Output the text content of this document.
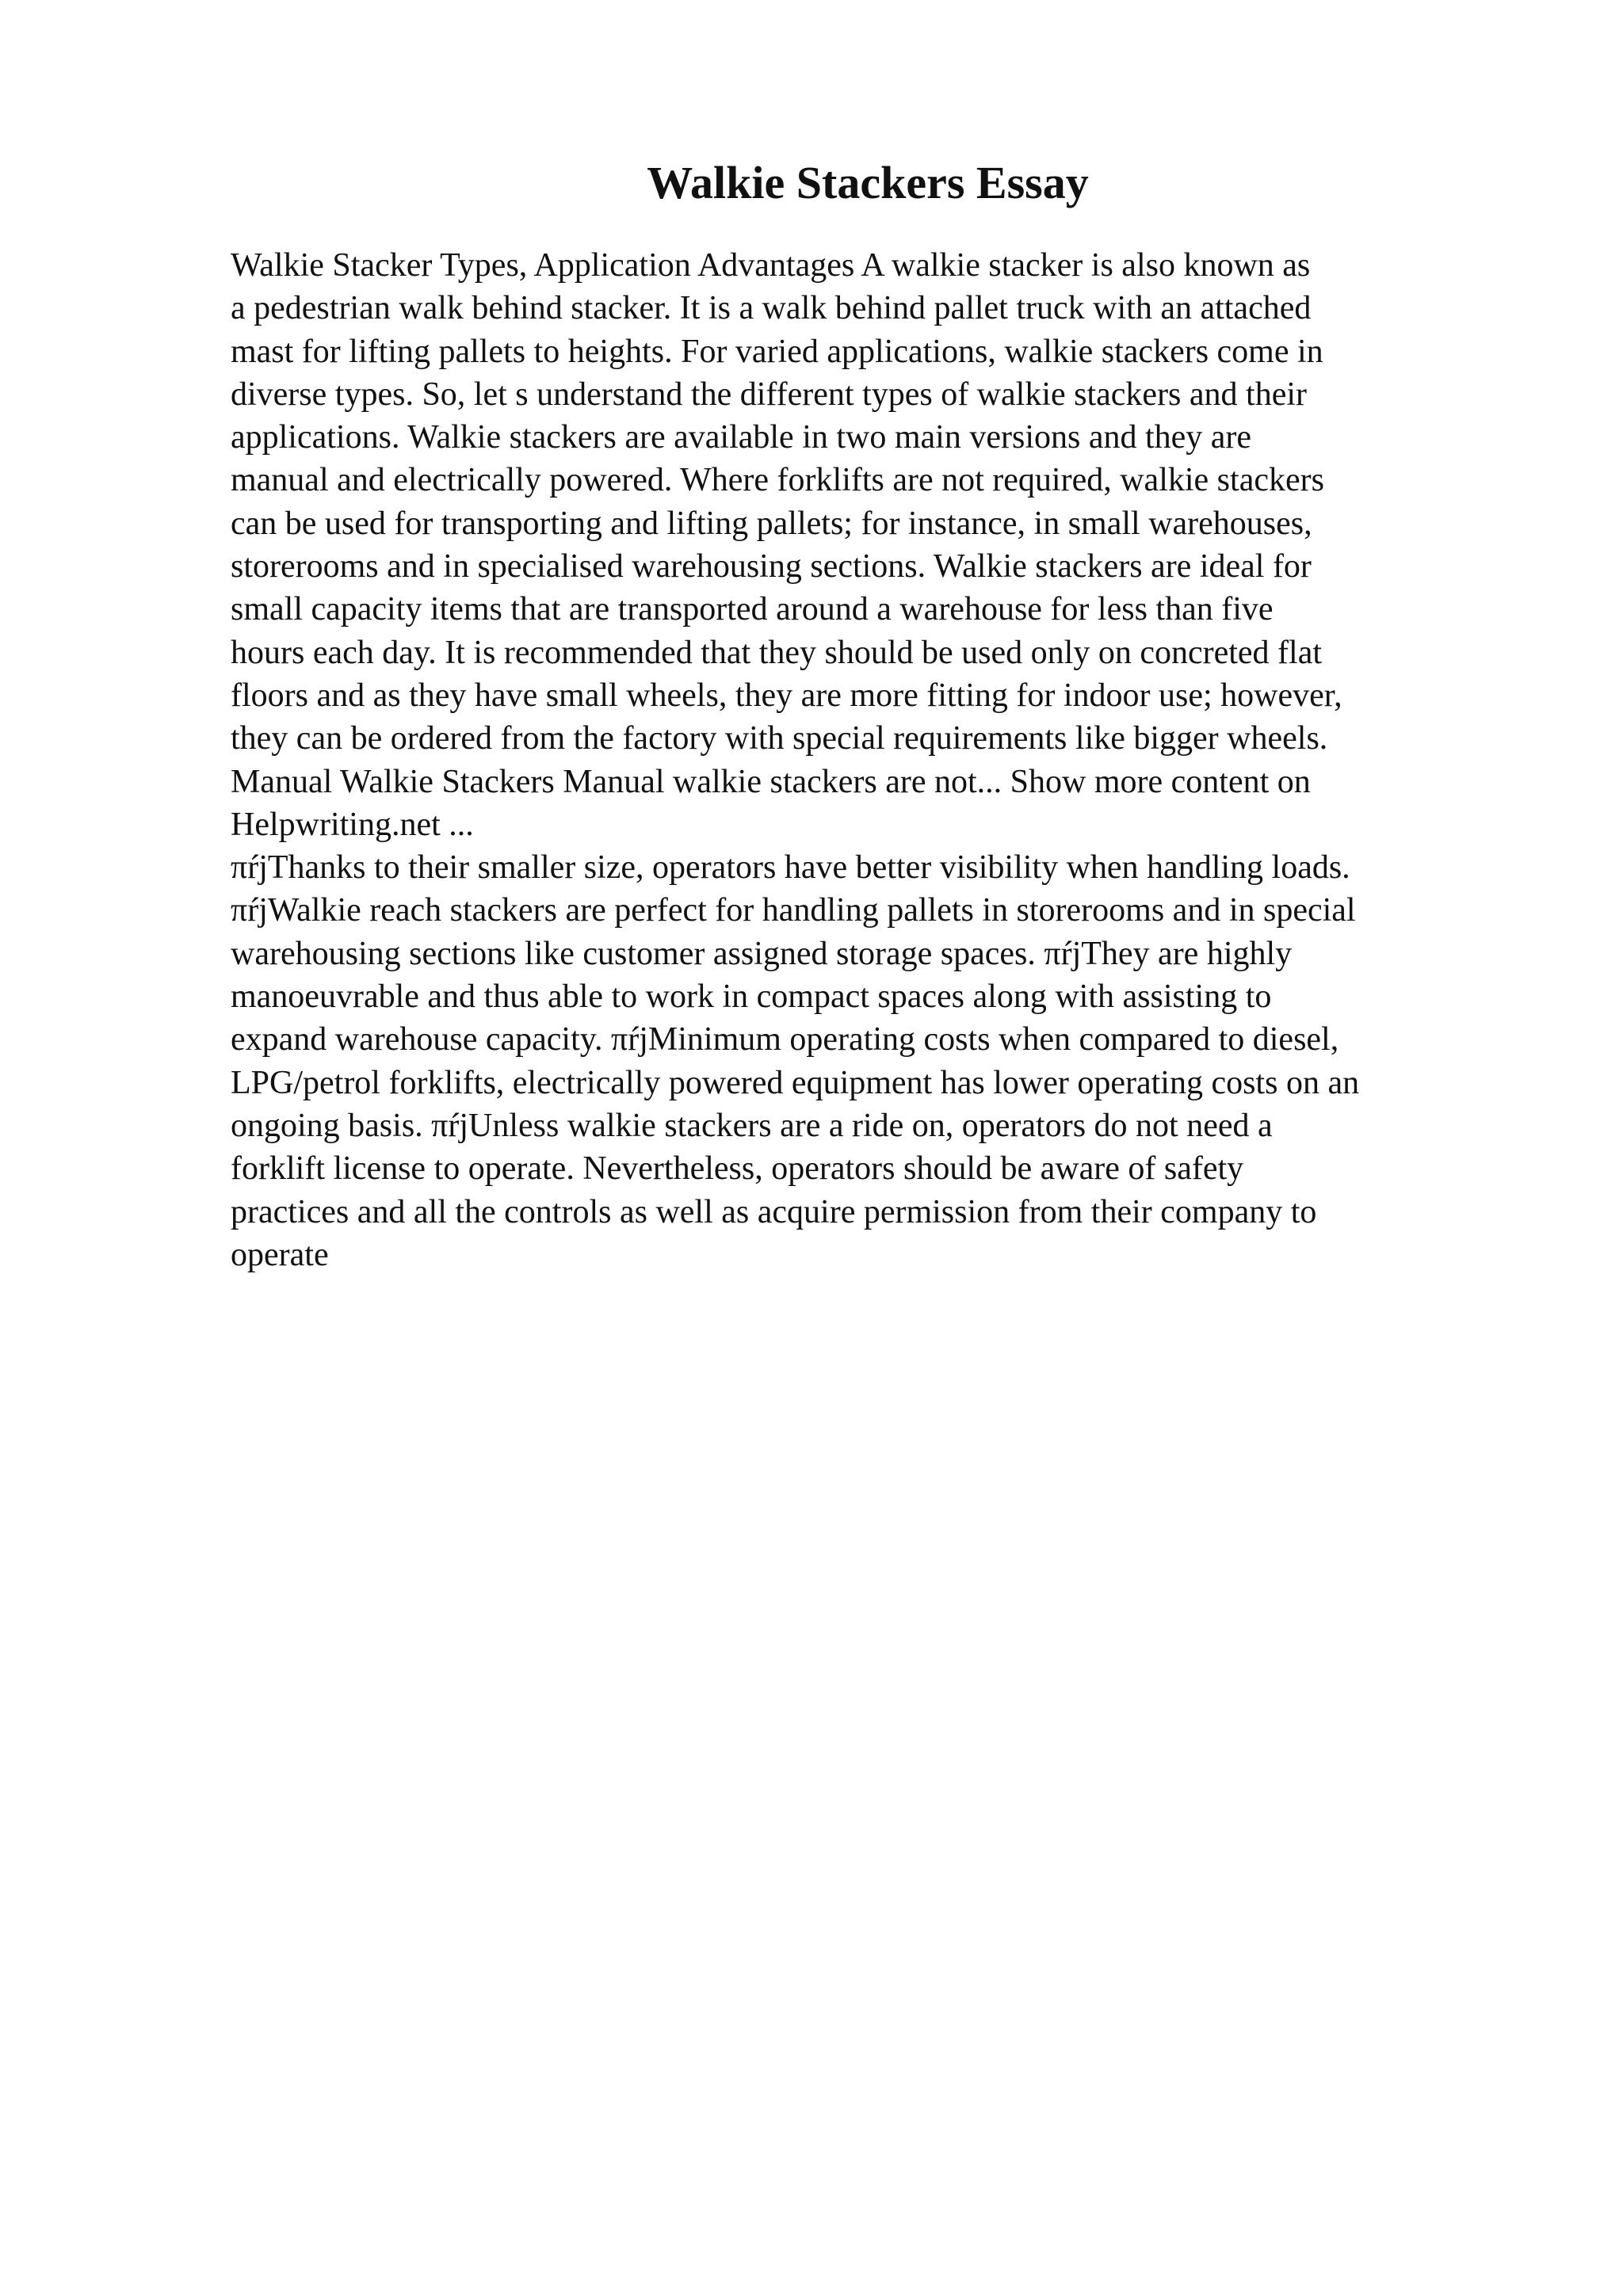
Walkie Stackers Essay
Walkie Stacker Types, Application Advantages A walkie stacker is also known as
a pedestrian walk behind stacker. It is a walk behind pallet truck with an attached
mast for lifting pallets to heights. For varied applications, walkie stackers come in
diverse types. So, let s understand the different types of walkie stackers and their
applications. Walkie stackers are available in two main versions and they are
manual and electrically powered. Where forklifts are not required, walkie stackers
can be used for transporting and lifting pallets; for instance, in small warehouses,
storerooms and in specialised warehousing sections. Walkie stackers are ideal for
small capacity items that are transported around a warehouse for less than five
hours each day. It is recommended that they should be used only on concreted flat
floors and as they have small wheels, they are more fitting for indoor use; however,
they can be ordered from the factory with special requirements like bigger wheels.
Manual Walkie Stackers Manual walkie stackers are not... Show more content on
Helpwriting.net ...
πŕjThanks to their smaller size, operators have better visibility when handling loads.
πŕjWalkie reach stackers are perfect for handling pallets in storerooms and in special
warehousing sections like customer assigned storage spaces. πŕjThey are highly
manoeuvrable and thus able to work in compact spaces along with assisting to
expand warehouse capacity. πŕjMinimum operating costs when compared to diesel,
LPG/petrol forklifts, electrically powered equipment has lower operating costs on an
ongoing basis. πŕjUnless walkie stackers are a ride on, operators do not need a
forklift license to operate. Nevertheless, operators should be aware of safety
practices and all the controls as well as acquire permission from their company to
operate
